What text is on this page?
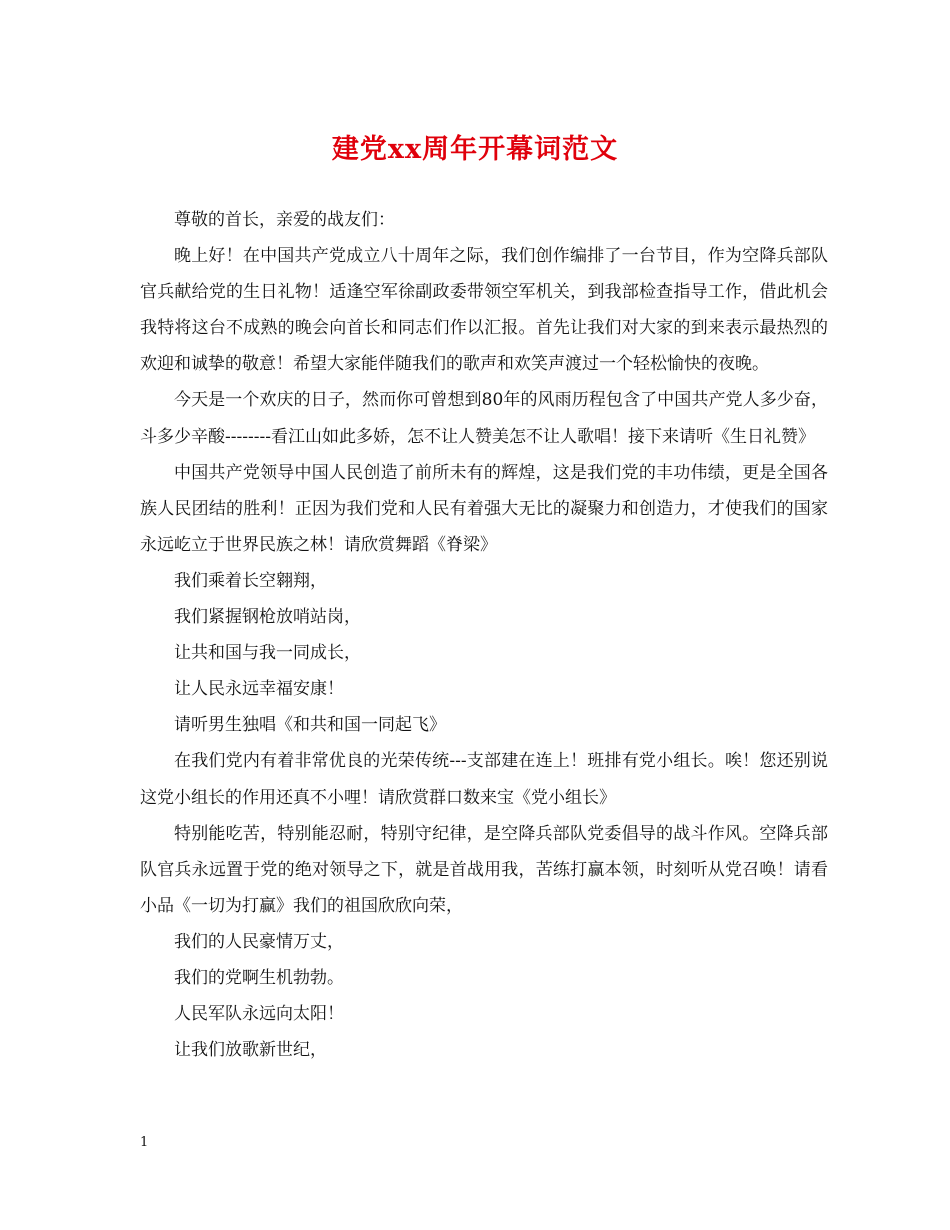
建党xx周年开幕词范文

尊敬的首长，亲爱的战友们：

晚上好！在中国共产党成立八十周年之际，我们创作编排了一台节目，作为空降兵部队官兵献给党的生日礼物！适逢空军徐副政委带领空军机关，到我部检查指导工作，借此机会我特将这台不成熟的晚会向首长和同志们作以汇报。首先让我们对大家的到来表示最热烈的欢迎和诚挚的敬意！希望大家能伴随我们的歌声和欢笑声渡过一个轻松愉快的夜晚。

今天是一个欢庆的日子，然而你可曾想到80年的风雨历程包含了中国共产党人多少奋，斗多少辛酸--------看江山如此多娇，怎不让人赞美怎不让人歌唱！接下来请听《生日礼赞》

中国共产党领导中国人民创造了前所未有的辉煌，这是我们党的丰功伟绩，更是全国各族人民团结的胜利！正因为我们党和人民有着强大无比的凝聚力和创造力，才使我们的国家永远屹立于世界民族之林！请欣赏舞蹈《脊梁》

我们乘着长空翱翔，

我们紧握钢枪放哨站岗，

让共和国与我一同成长，

让人民永远幸福安康！

请听男生独唱《和共和国一同起飞》

在我们党内有着非常优良的光荣传统---支部建在连上！班排有党小组长。唉！您还别说这党小组长的作用还真不小哩！请欣赏群口数来宝《党小组长》

特别能吃苦，特别能忍耐，特别守纪律，是空降兵部队党委倡导的战斗作风。空降兵部队官兵永远置于党的绝对领导之下，就是首战用我，苦练打赢本领，时刻听从党召唤！请看小品《一切为打赢》我们的祖国欣欣向荣，

我们的人民豪情万丈，

我们的党啊生机勃勃。

人民军队永远向太阳！

让我们放歌新世纪，

1
